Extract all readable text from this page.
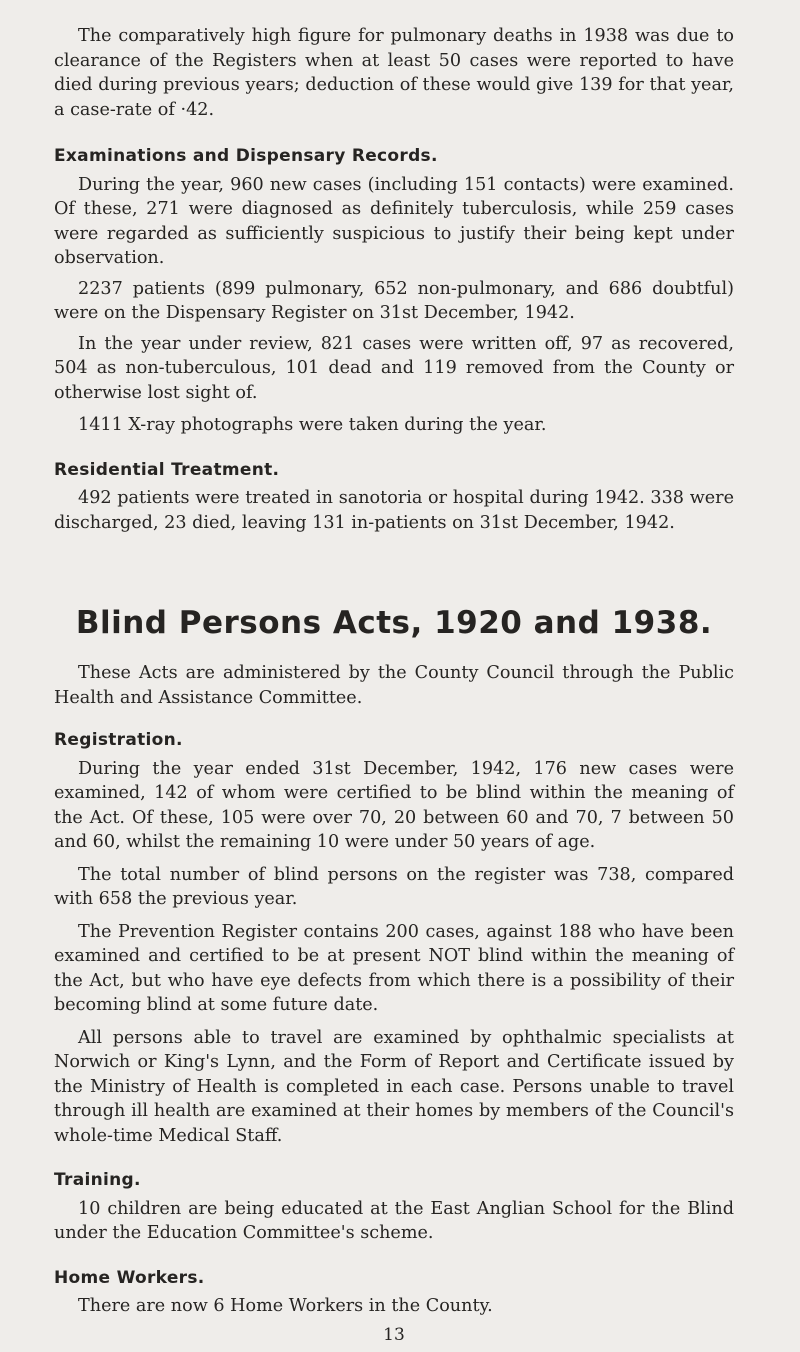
The comparatively high figure for pulmonary deaths in 1938 was due to clearance of the Registers when at least 50 cases were reported to have died during previous years; deduction of these would give 139 for that year, a case-rate of ·42.

Examinations and Dispensary Records.

During the year, 960 new cases (including 151 contacts) were examined. Of these, 271 were diagnosed as definitely tuberculosis, while 259 cases were regarded as sufficiently suspicious to justify their being kept under observation.

2237 patients (899 pulmonary, 652 non-pulmonary, and 686 doubtful) were on the Dispensary Register on 31st December, 1942.

In the year under review, 821 cases were written off, 97 as recovered, 504 as non-tuberculous, 101 dead and 119 removed from the County or otherwise lost sight of.

1411 X-ray photographs were taken during the year.

Residential Treatment.

492 patients were treated in sanotoria or hospital during 1942. 338 were discharged, 23 died, leaving 131 in-patients on 31st December, 1942.

Blind Persons Acts, 1920 and 1938.

These Acts are administered by the County Council through the Public Health and Assistance Committee.

Registration.

During the year ended 31st December, 1942, 176 new cases were examined, 142 of whom were certified to be blind within the meaning of the Act. Of these, 105 were over 70, 20 between 60 and 70, 7 between 50 and 60, whilst the remaining 10 were under 50 years of age.

The total number of blind persons on the register was 738, compared with 658 the previous year.

The Prevention Register contains 200 cases, against 188 who have been examined and certified to be at present NOT blind within the meaning of the Act, but who have eye defects from which there is a possibility of their becoming blind at some future date.

All persons able to travel are examined by ophthalmic specialists at Norwich or King's Lynn, and the Form of Report and Certificate issued by the Ministry of Health is completed in each case. Persons unable to travel through ill health are examined at their homes by members of the Council's whole-time Medical Staff.

Training.

10 children are being educated at the East Anglian School for the Blind under the Education Committee's scheme.

Home Workers.

There are now 6 Home Workers in the County.

13
